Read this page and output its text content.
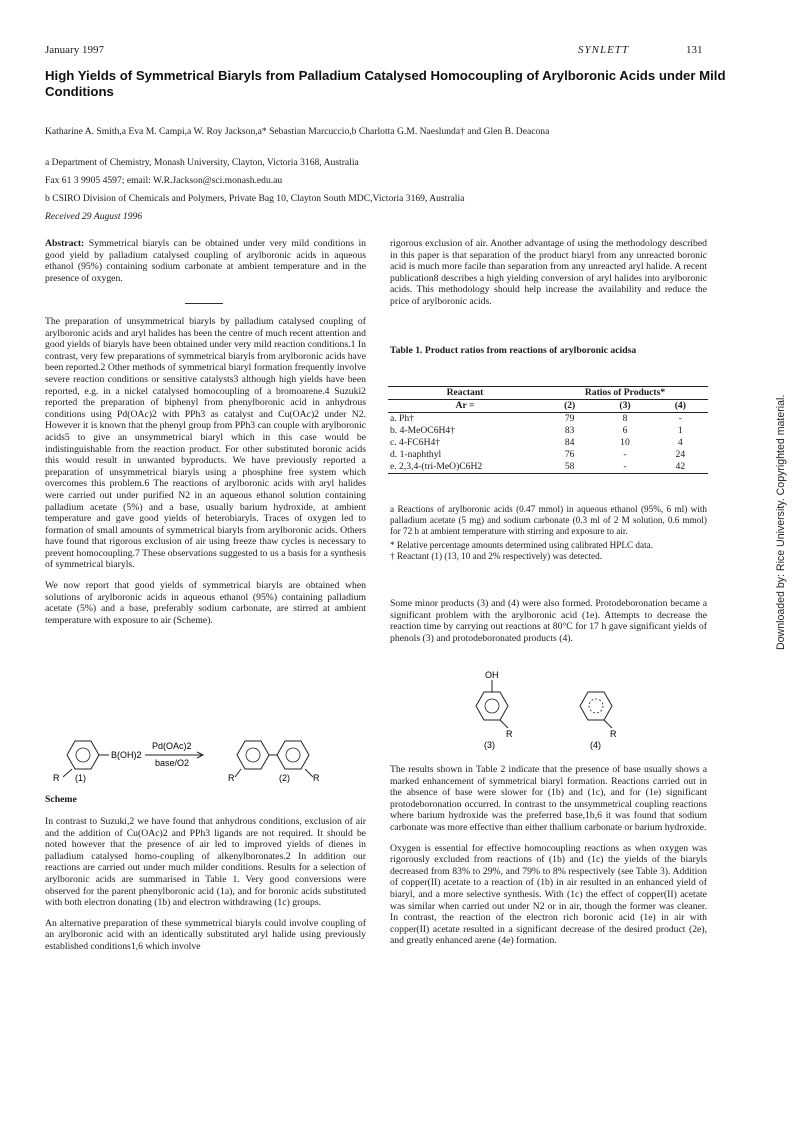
January 1997	SYNLETT	131
High Yields of Symmetrical Biaryls from Palladium Catalysed Homocoupling of Arylboronic Acids under Mild Conditions
Katharine A. Smith,a Eva M. Campi,a W. Roy Jackson,a* Sebastian Marcuccio,b Charlotta G.M. Naeslunda† and Glen B. Deacona
a Department of Chemistry, Monash University, Clayton, Victoria 3168, Australia
Fax 61 3 9905 4597; email: W.R.Jackson@sci.monash.edu.au
b CSIRO Division of Chemicals and Polymers, Private Bag 10, Clayton South MDC,Victoria 3169, Australia
Received 29 August 1996
Abstract: Symmetrical biaryls can be obtained under very mild conditions in good yield by palladium catalysed coupling of arylboronic acids in aqueous ethanol (95%) containing sodium carbonate at ambient temperature and in the presence of oxygen.

The preparation of unsymmetrical biaryls by palladium catalysed coupling of arylboronic acids and aryl halides has been the centre of much recent attention and good yields of biaryls have been obtained under very mild reaction conditions.1 In contrast, very few preparations of symmetrical biaryls from arylboronic acids have been reported.2 Other methods of symmetrical biaryl formation frequently involve severe reaction conditions or sensitive catalysts3 although high yields have been reported, e.g. in a nickel catalysed homocoupling of a bromoarene.4 Suzuki2 reported the preparation of biphenyl from phenylboronic acid in anhydrous conditions using Pd(OAc)2 with PPh3 as catalyst and Cu(OAc)2 under N2. However it is known that the phenyl group from PPh3 can couple with arylboronic acids5 to give an unsymmetrical biaryl which in this case would be indistinguishable from the reaction product. For other substituted boronic acids this would result in unwanted byproducts. We have previously reported a preparation of unsymmetrical biaryls using a phosphine free system which overcomes this problem.6 The reactions of arylboronic acids with aryl halides were carried out under purified N2 in an aqueous ethanol solution containing palladium acetate (5%) and a base, usually barium hydroxide, at ambient temperature and gave good yields of heterobiaryls. Traces of oxygen led to formation of small amounts of symmetrical biaryls from arylboronic acids. Others have found that rigorous exclusion of air using freeze thaw cycles is necessary to prevent homocoupling.7 These observations suggested to us a basis for a synthesis of symmetrical biaryls.

We now report that good yields of symmetrical biaryls are obtained when solutions of arylboronic acids in aqueous ethanol (95%) containing palladium acetate (5%) and a base, preferably sodium carbonate, are stirred at ambient temperature with exposure to air (Scheme).

B(OH)2
Pd(OAc)2
base/O2
R (1)	R	(2)	R
Scheme

In contrast to Suzuki,2 we have found that anhydrous conditions, exclusion of air and the addition of Cu(OAc)2 and PPh3 ligands are not required. It should be noted however that the presence of air led to improved yields of dienes in palladium catalysed homo-coupling of alkenylboronates.2 In addition our reactions are carried out under much milder conditions. Results for a selection of arylboronic acids are summarised in Table 1. Very good conversions were observed for the parent phenylboronic acid (1a), and for boronic acids substituted with both electron donating (1b) and electron withdrawing (1c) groups.

An alternative preparation of these symmetrical biaryls could involve coupling of an arylboronic acid with an identically substituted aryl halide using previously established conditions1,6 which involve

rigorous exclusion of air. Another advantage of using the methodology described in this paper is that separation of the product biaryl from any unreacted boronic acid is much more facile than separation from any unreacted aryl halide. A recent publication8 describes a high yielding conversion of aryl halides into arylboronic acids. This methodology should help increase the availability and reduce the price of arylboronic acids.

Table 1. Product ratios from reactions of arylboronic acidsa
Reactant	Ratios of Products*		
Ar =	(2)	(3)	(4)
a. Ph†	79	8	-
b. 4-MeOC6H4†	83	6	1
c. 4-FC6H4†	84	10	4
d. 1-naphthyl	76	-	24
e. 2,3,4-(tri-MeO)C6H2	58	-	42
a Reactions of arylboronic acids (0.47 mmol) in aqueous ethanol (95%, 6 ml) with palladium acetate (5 mg) and sodium carbonate (0.3 ml of 2 M solution, 0.6 mmol) for 72 h at ambient temperature with stirring and exposure to air.
* Relative percentage amounts determined using calibrated HPLC data.
† Reactant (1) (13, 10 and 2% respectively) was detected.

Some minor products (3) and (4) were also formed. Protodeboronation became a significant problem with the arylboronic acid (1e). Attempts to decrease the reaction time by carrying out reactions at 80°C for 17 h gave significant yields of phenols (3) and protodeboronated products (4).

OH
R	R
(3)	(4)

The results shown in Table 2 indicate that the presence of base usually shows a marked enhancement of symmetrical biaryl formation. Reactions carried out in the absence of base were slower for (1b) and (1c), and for (1e) significant protodeboronation occurred. In contrast to the unsymmetrical coupling reactions where barium hydroxide was the preferred base,1b,6 it was found that sodium carbonate was more effective than either thallium carbonate or barium hydroxide.

Oxygen is essential for effective homocoupling reactions as when oxygen was rigorously excluded from reactions of (1b) and (1c) the yields of the biaryls decreased from 83% to 29%, and 79% to 8% respectively (see Table 3). Addition of copper(II) acetate to a reaction of (1b) in air resulted in an enhanced yield of biaryl, and a more selective synthesis. With (1c) the effect of copper(II) acetate was similar when carried out under N2 or in air, though the former was cleaner. In contrast, the reaction of the electron rich boronic acid (1e) in air with copper(II) acetate resulted in a significant decrease of the desired product (2e), and greatly enhanced arene (4e) formation.

Downloaded by: Rice University. Copyrighted material.
